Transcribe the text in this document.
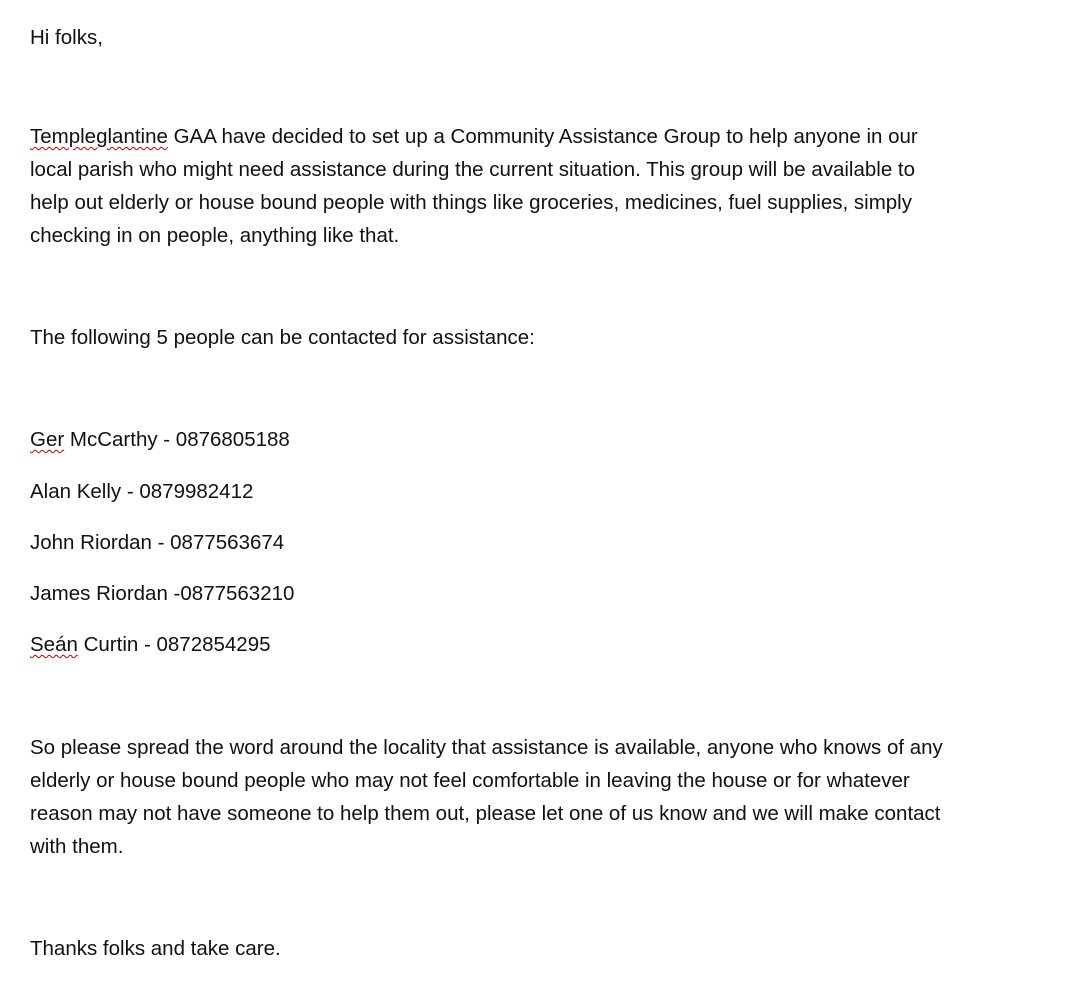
Hi folks,
Templeglantine GAA have decided to set up a Community Assistance Group to help anyone in our
local parish who might need assistance during the current situation. This group will be available to
help out elderly or house bound people with things like groceries, medicines, fuel supplies, simply
checking in on people, anything like that.
The following 5 people can be contacted for assistance:
Ger McCarthy - 0876805188
Alan Kelly - 0879982412
John Riordan - 0877563674
James Riordan -0877563210
Seán Curtin - 0872854295
So please spread the word around the locality that assistance is available, anyone who knows of any
elderly or house bound people who may not feel comfortable in leaving the house or for whatever
reason may not have someone to help them out, please let one of us know and we will make contact
with them.
Thanks folks and take care.
